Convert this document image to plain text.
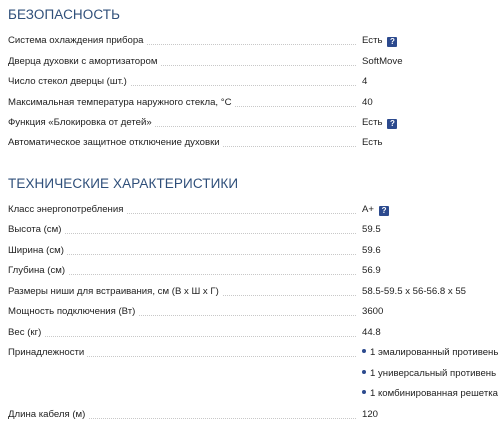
БЕЗОПАСНОСТЬ
Система охлаждения прибора	Есть ?
Дверца духовки с амортизатором	SoftMove
Число стекол дверцы (шт.)	4
Максимальная температура наружного стекла, °C	40
Функция «Блокировка от детей»	Есть ?
Автоматическое защитное отключение духовки	Есть
ТЕХНИЧЕСКИЕ ХАРАКТЕРИСТИКИ
Класс энергопотребления	A+ ?
Высота (см)	59.5
Ширина (см)	59.6
Глубина (см)	56.9
Размеры ниши для встраивания, см (В х Ш х Г)	58.5-59.5 x 56-56.8 x 55
Мощность подключения (Вт)	3600
Вес (кг)	44.8
Принадлежности	1 эмалированный противень
1 универсальный противень
1 комбинированная решетка
Длина кабеля (м)	120
